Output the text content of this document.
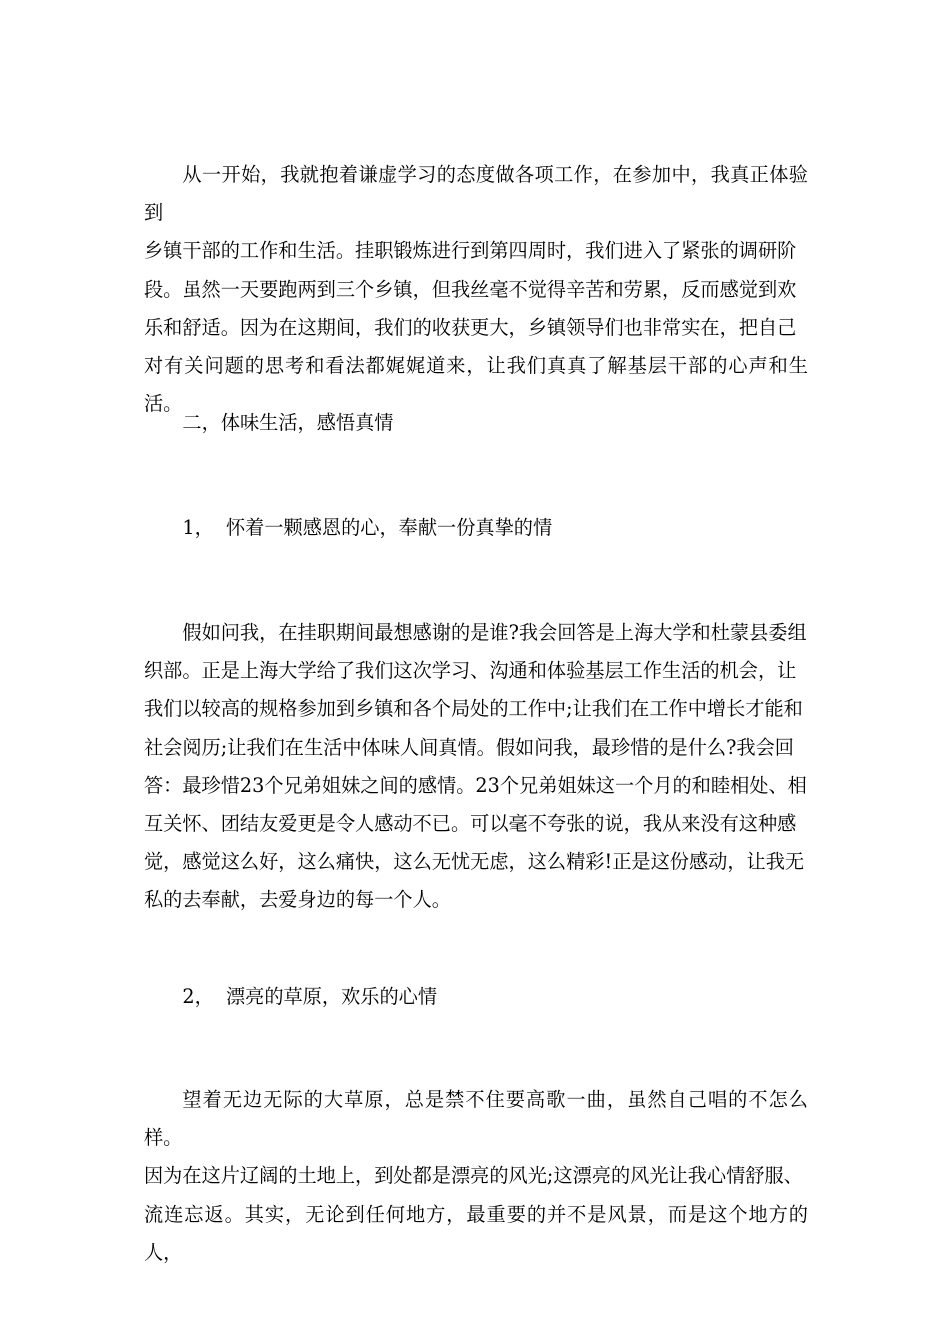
从一开始，我就抱着谦虚学习的态度做各项工作，在参加中，我真正体验到
乡镇干部的工作和生活。挂职锻炼进行到第四周时，我们进入了紧张的调研阶
段。虽然一天要跑两到三个乡镇，但我丝毫不觉得辛苦和劳累，反而感觉到欢
乐和舒适。因为在这期间，我们的收获更大，乡镇领导们也非常实在，把自己
对有关问题的思考和看法都娓娓道来，让我们真真了解基层干部的心声和生活。
二，体味生活，感悟真情
1，  怀着一颗感恩的心，奉献一份真挚的情
假如问我，在挂职期间最想感谢的是谁?我会回答是上海大学和杜蒙县委组
织部。正是上海大学给了我们这次学习、沟通和体验基层工作生活的机会，让
我们以较高的规格参加到乡镇和各个局处的工作中;让我们在工作中增长才能和
社会阅历;让我们在生活中体味人间真情。假如问我，最珍惜的是什么?我会回
答：最珍惜23个兄弟姐妹之间的感情。23个兄弟姐妹这一个月的和睦相处、相
互关怀、团结友爱更是令人感动不已。可以毫不夸张的说，我从来没有这种感
觉，感觉这么好，这么痛快，这么无忧无虑，这么精彩!正是这份感动，让我无
私的去奉献，去爱身边的每一个人。
2，  漂亮的草原，欢乐的心情
望着无边无际的大草原，总是禁不住要高歌一曲，虽然自己唱的不怎么样。
因为在这片辽阔的土地上，到处都是漂亮的风光;这漂亮的风光让我心情舒服、
流连忘返。其实，无论到任何地方，最重要的并不是风景，而是这个地方的人，
